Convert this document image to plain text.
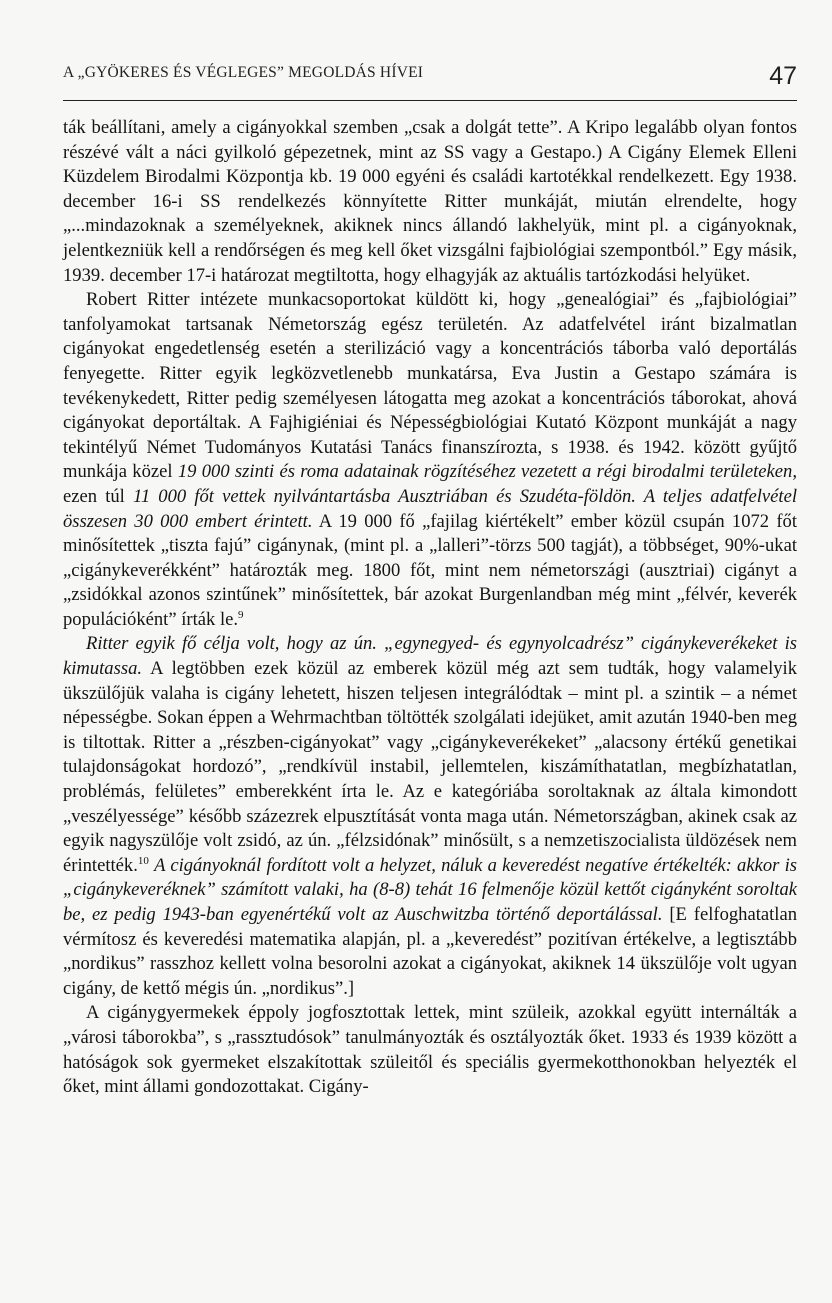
A „GYÖKERES ÉS VÉGLEGES” MEGOLDÁS HÍVEI	47

ták beállítani, amely a cigányokkal szemben „csak a dolgát tette”. A Kripo legalább olyan fontos részévé vált a náci gyilkoló gépezetnek, mint az SS vagy a Gestapo.) A Cigány Elemek Elleni Küzdelem Birodalmi Központja kb. 19 000 egyéni és családi kartotékkal rendelkezett. Egy 1938. december 16-i SS rendelkezés könnyítette Ritter munkáját, miután elrendelte, hogy „...mindazoknak a személyeknek, akiknek nincs állandó lakhelyük, mint pl. a cigányoknak, jelentkezniük kell a rendőrségen és meg kell őket vizsgálni fajbiológiai szempontból.” Egy másik, 1939. december 17-i határozat megtiltotta, hogy elhagyják az aktuális tartózkodási helyüket.

Robert Ritter intézete munkacsoportokat küldött ki, hogy „genealógiai” és „fajbiológiai” tanfolyamokat tartsanak Németország egész területén. Az adatfelvétel iránt bizalmatlan cigányokat engedetlenség esetén a sterilizáció vagy a koncentrációs táborba való deportálás fenyegette. Ritter egyik legközvetlenebb munkatársa, Eva Justin a Gestapo számára is tevékenykedett, Ritter pedig személyesen látogatta meg azokat a koncentrációs táborokat, ahová cigányokat deportáltak. A Fajhigiéniai és Népességbiológiai Kutató Központ munkáját a nagy tekintélyű Német Tudományos Kutatási Tanács finanszírozta, s 1938. és 1942. között gyűjtő munkája közel 19 000 szinti és roma adatainak rögzítéséhez vezetett a régi birodalmi területeken, ezen túl 11 000 főt vettek nyilvántartásba Ausztriában és Szudéta-földön. A teljes adatfelvétel összesen 30 000 embert érintett. A 19 000 fő „fajilag kiértékelt” ember közül csupán 1072 főt minősítettek „tiszta fajú” cigánynak, (mint pl. a „lalleri”-törzs 500 tagját), a többséget, 90%-ukat „cigánykeverékként” határozták meg. 1800 főt, mint nem németországi (ausztriai) cigányt a „zsidókkal azonos szintűnek” minősítettek, bár azokat Burgenlandban még mint „félvér, keverék populációként” írták le.$^9$

Ritter egyik fő célja volt, hogy az ún. „egynegyed- és egynyolcadrész” cigánykeverékeket is kimutassa. A legtöbben ezek közül az emberek közül még azt sem tudták, hogy valamelyik ükszülőjük valaha is cigány lehetett, hiszen teljesen integrálódtak – mint pl. a szintik – a német népességbe. Sokan éppen a Wehrmachtban töltötték szolgálati idejüket, amit azután 1940-ben meg is tiltottak. Ritter a „részben-cigányokat” vagy „cigánykeverékeket” „alacsony értékű genetikai tulajdonságokat hordozó”, „rendkívül instabil, jellemtelen, kiszámíthatatlan, megbízhatatlan, problémás, felületes” emberekként írta le. Az e kategóriába soroltaknak az általa kimondott „veszélyessége” később százezrek elpusztítását vonta maga után. Németországban, akinek csak az egyik nagyszülője volt zsidó, az ún. „félzsidónak” minősült, s a nemzetiszocialista üldözések nem érintették.$^{10}$ A cigányoknál fordított volt a helyzet, náluk a keveredést negatíve értékelték: akkor is „cigánykeveréknek” számított valaki, ha (8-8) tehát 16 felmenője közül kettőt cigányként soroltak be, ez pedig 1943-ban egyenértékű volt az Auschwitzba történő deportálással. [E felfoghatatlan vérmítosz és keveredési matematika alapján, pl. a „keveredést” pozitívan értékelve, a legtisztább „nordikus” rasszhoz kellett volna besorolni azokat a cigányokat, akiknek 14 ükszülője volt ugyan cigány, de kettő mégis ún. „nordikus”.]

A cigánygyermekek éppoly jogfosztottak lettek, mint szüleik, azokkal együtt internálták a „városi táborokba”, s „rassztudósok” tanulmányozták és osztályozták őket. 1933 és 1939 között a hatóságok sok gyermeket elszakítottak szüleitől és speciális gyermekotthonokban helyezték el őket, mint állami gondozottakat. Cigány-
